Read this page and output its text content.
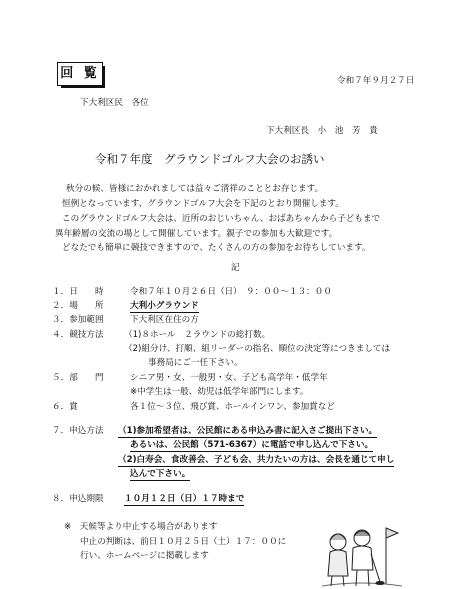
回 覧	令和７年９月２７日
下大利区民　各位
下大利区長　小　池　芳　貴
令和７年度　グラウンドゴルフ大会のお誘い
秋分の候、皆様におかれましては益々ご清祥のこととお存じます。
恒例となっています、グラウンドゴルフ大会を下記のとおり開催します。
このグラウンドゴルフ大会は、近所のおじいちゃん、おばあちゃんから子どもまで
異年齢層の交流の場として開催しています。親子での参加も大歓迎です。
どなたでも簡単に競技できますので、たくさんの方の参加をお待ちしています。
記
１．日　　時	令和７年１０月２６日（日）　９：００～１３：００
２．場　　所	大利小グラウンド
３．参加範囲	下大利区在住の方
４．競技方法 （1)８ホール　２ラウンドの総打数。
（2)組分け、打順、組リーダーの指名、順位の決定等につきましては
事務局にご一任下さい。
５．部　　門	シニア男・女、一般男・女、子ども高学年・低学年
※中学生は一般、幼児は低学年部門にします。
６．賞	各１位～３位、飛び賞、ホールインワン、参加賞など
７．申込方法 （1)参加希望者は、公民館にある申込み書に記入さご提出下さい。
あるいは、公民館（571-6367）に電話で申し込んで下さい。
（2)白寿会、食改善会、子ども会、共力たいの方は、会長を通じて申し
込んで下さい。
８．申込期限 １０月１２日（日）１７時まで
※　天候等より中止する場合があります
中止の判断は、前日１０月２５日（土）１７：００に
行い、ホームページに掲載します
